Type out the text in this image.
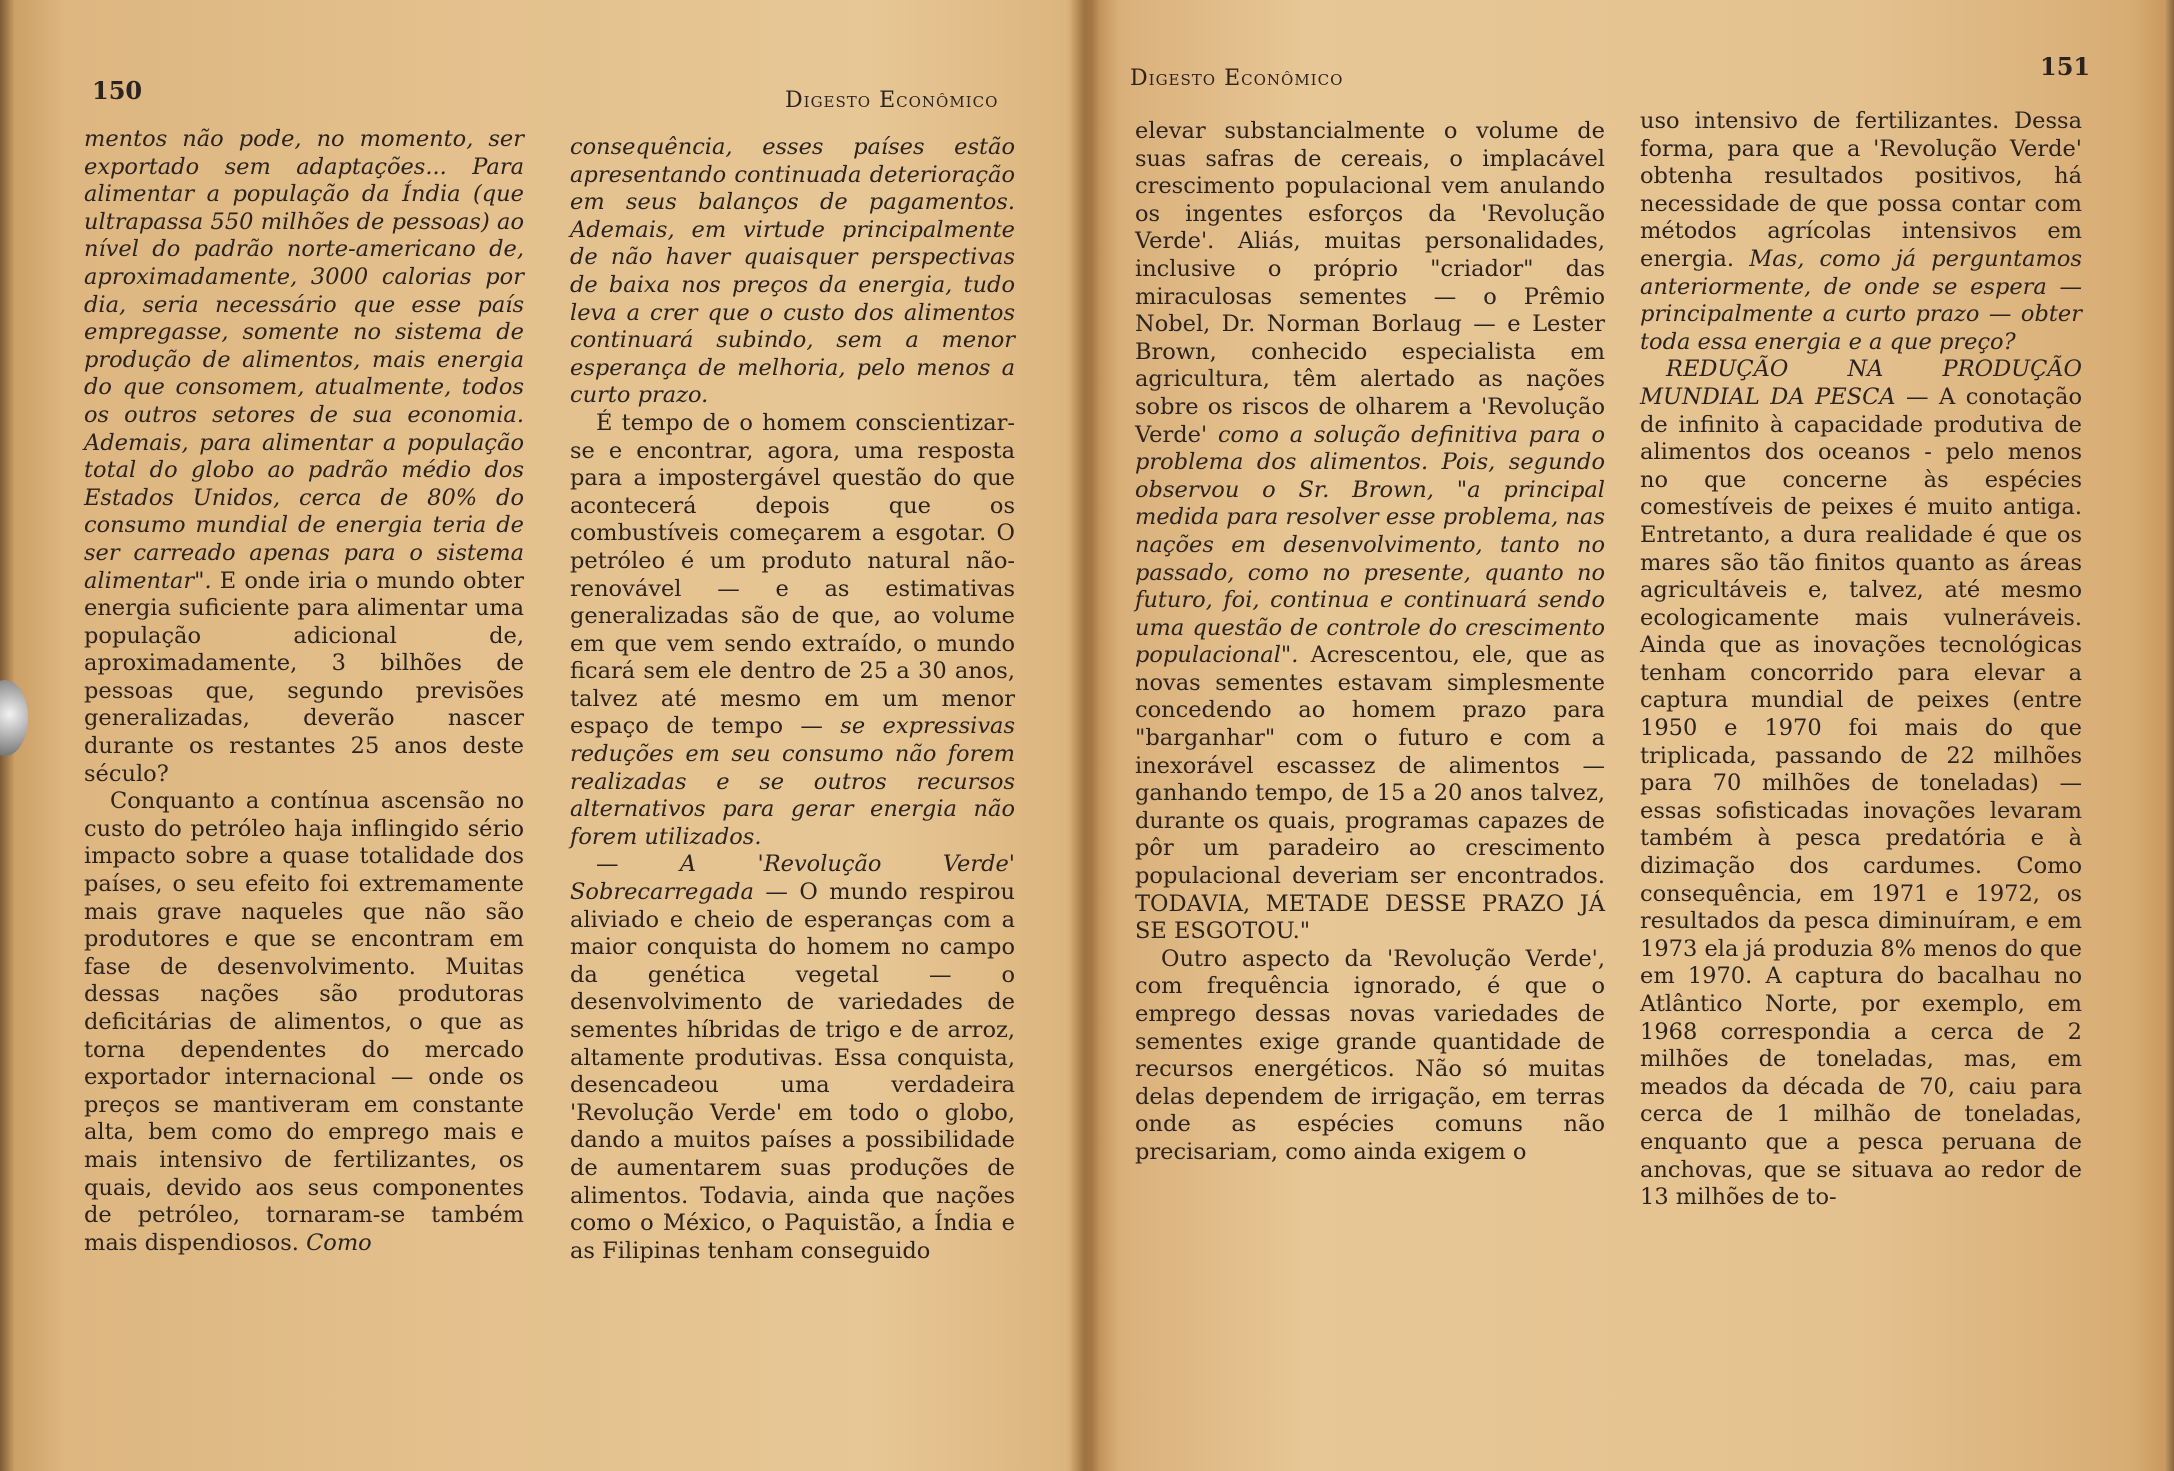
150	Digesto Econômico

mentos não pode, no momento, ser exportado sem adaptações... Para alimentar a população da Índia (que ultrapassa 550 milhões de pessoas) ao nível do padrão norte-americano de, aproximadamente, 3000 calorias por dia, seria necessário que esse país empregasse, somente no sistema de produção de alimentos, mais energia do que consomem, atualmente, todos os outros setores de sua economia. Ademais, para alimentar a população total do globo ao padrão médio dos Estados Unidos, cerca de 80% do consumo mundial de energia teria de ser carreado apenas para o sistema alimentar". E onde iria o mundo obter energia suficiente para alimentar uma população adicional de, aproximadamente, 3 bilhões de pessoas que, segundo previsões generalizadas, deverão nascer durante os restantes 25 anos deste século?

Conquanto a contínua ascensão no custo do petróleo haja inflingido sério impacto sobre a quase totalidade dos países, o seu efeito foi extremamente mais grave naqueles que não são produtores e que se encontram em fase de desenvolvimento. Muitas dessas nações são produtoras deficitárias de alimentos, o que as torna dependentes do mercado exportador internacional — onde os preços se mantiveram em constante alta, bem como do emprego mais e mais intensivo de fertilizantes, os quais, devido aos seus componentes de petróleo, tornaram-se também mais dispendiosos. Como

consequência, esses países estão apresentando continuada deterioração em seus balanços de pagamentos. Ademais, em virtude principalmente de não haver quaisquer perspectivas de baixa nos preços da energia, tudo leva a crer que o custo dos alimentos continuará subindo, sem a menor esperança de melhoria, pelo menos a curto prazo.

É tempo de o homem conscientizar-se e encontrar, agora, uma resposta para a impostergável questão do que acontecerá depois que os combustíveis começarem a esgotar. O petróleo é um produto natural não-renovável — e as estimativas generalizadas são de que, ao volume em que vem sendo extraído, o mundo ficará sem ele dentro de 25 a 30 anos, talvez até mesmo em um menor espaço de tempo — se expressivas reduções em seu consumo não forem realizadas e se outros recursos alternativos para gerar energia não forem utilizados.

— A 'Revolução Verde' Sobrecarregada — O mundo respirou aliviado e cheio de esperanças com a maior conquista do homem no campo da genética vegetal — o desenvolvimento de variedades de sementes híbridas de trigo e de arroz, altamente produtivas. Essa conquista, desencadeou uma verdadeira 'Revolução Verde' em todo o globo, dando a muitos países a possibilidade de aumentarem suas produções de alimentos. Todavia, ainda que nações como o México, o Paquistão, a Índia e as Filipinas tenham conseguido

Digesto Econômico	151

elevar substancialmente o volume de suas safras de cereais, o implacável crescimento populacional vem anulando os ingentes esforços da 'Revolução Verde'. Aliás, muitas personalidades, inclusive o próprio "criador" das miraculosas sementes — o Prêmio Nobel, Dr. Norman Borlaug — e Lester Brown, conhecido especialista em agricultura, têm alertado as nações sobre os riscos de olharem a 'Revolução Verde' como a solução definitiva para o problema dos alimentos. Pois, segundo observou o Sr. Brown, "a principal medida para resolver esse problema, nas nações em desenvolvimento, tanto no passado, como no presente, quanto no futuro, foi, continua e continuará sendo uma questão de controle do crescimento populacional". Acrescentou, ele, que as novas sementes estavam simplesmente concedendo ao homem prazo para "barganhar" com o futuro e com a inexorável escassez de alimentos — ganhando tempo, de 15 a 20 anos talvez, durante os quais, programas capazes de pôr um paradeiro ao crescimento populacional deveriam ser encontrados. TODAVIA, METADE DESSE PRAZO JÁ SE ESGOTOU."

Outro aspecto da 'Revolução Verde', com frequência ignorado, é que o emprego dessas novas variedades de sementes exige grande quantidade de recursos energéticos. Não só muitas delas dependem de irrigação, em terras onde as espécies comuns não precisariam, como ainda exigem o

uso intensivo de fertilizantes. Dessa forma, para que a 'Revolução Verde' obtenha resultados positivos, há necessidade de que possa contar com métodos agrícolas intensivos em energia. Mas, como já perguntamos anteriormente, de onde se espera — principalmente a curto prazo — obter toda essa energia e a que preço?

REDUÇÃO NA PRODUÇÃO MUNDIAL DA PESCA — A conotação de infinito à capacidade produtiva de alimentos dos oceanos - pelo menos no que concerne às espécies comestíveis de peixes é muito antiga. Entretanto, a dura realidade é que os mares são tão finitos quanto as áreas agricultáveis e, talvez, até mesmo ecologicamente mais vulneráveis. Ainda que as inovações tecnológicas tenham concorrido para elevar a captura mundial de peixes (entre 1950 e 1970 foi mais do que triplicada, passando de 22 milhões para 70 milhões de toneladas) — essas sofisticadas inovações levaram também à pesca predatória e à dizimação dos cardumes. Como consequência, em 1971 e 1972, os resultados da pesca diminuíram, e em 1973 ela já produzia 8% menos do que em 1970. A captura do bacalhau no Atlântico Norte, por exemplo, em 1968 correspondia a cerca de 2 milhões de toneladas, mas, em meados da década de 70, caiu para cerca de 1 milhão de toneladas, enquanto que a pesca peruana de anchovas, que se situava ao redor de 13 milhões de to-
